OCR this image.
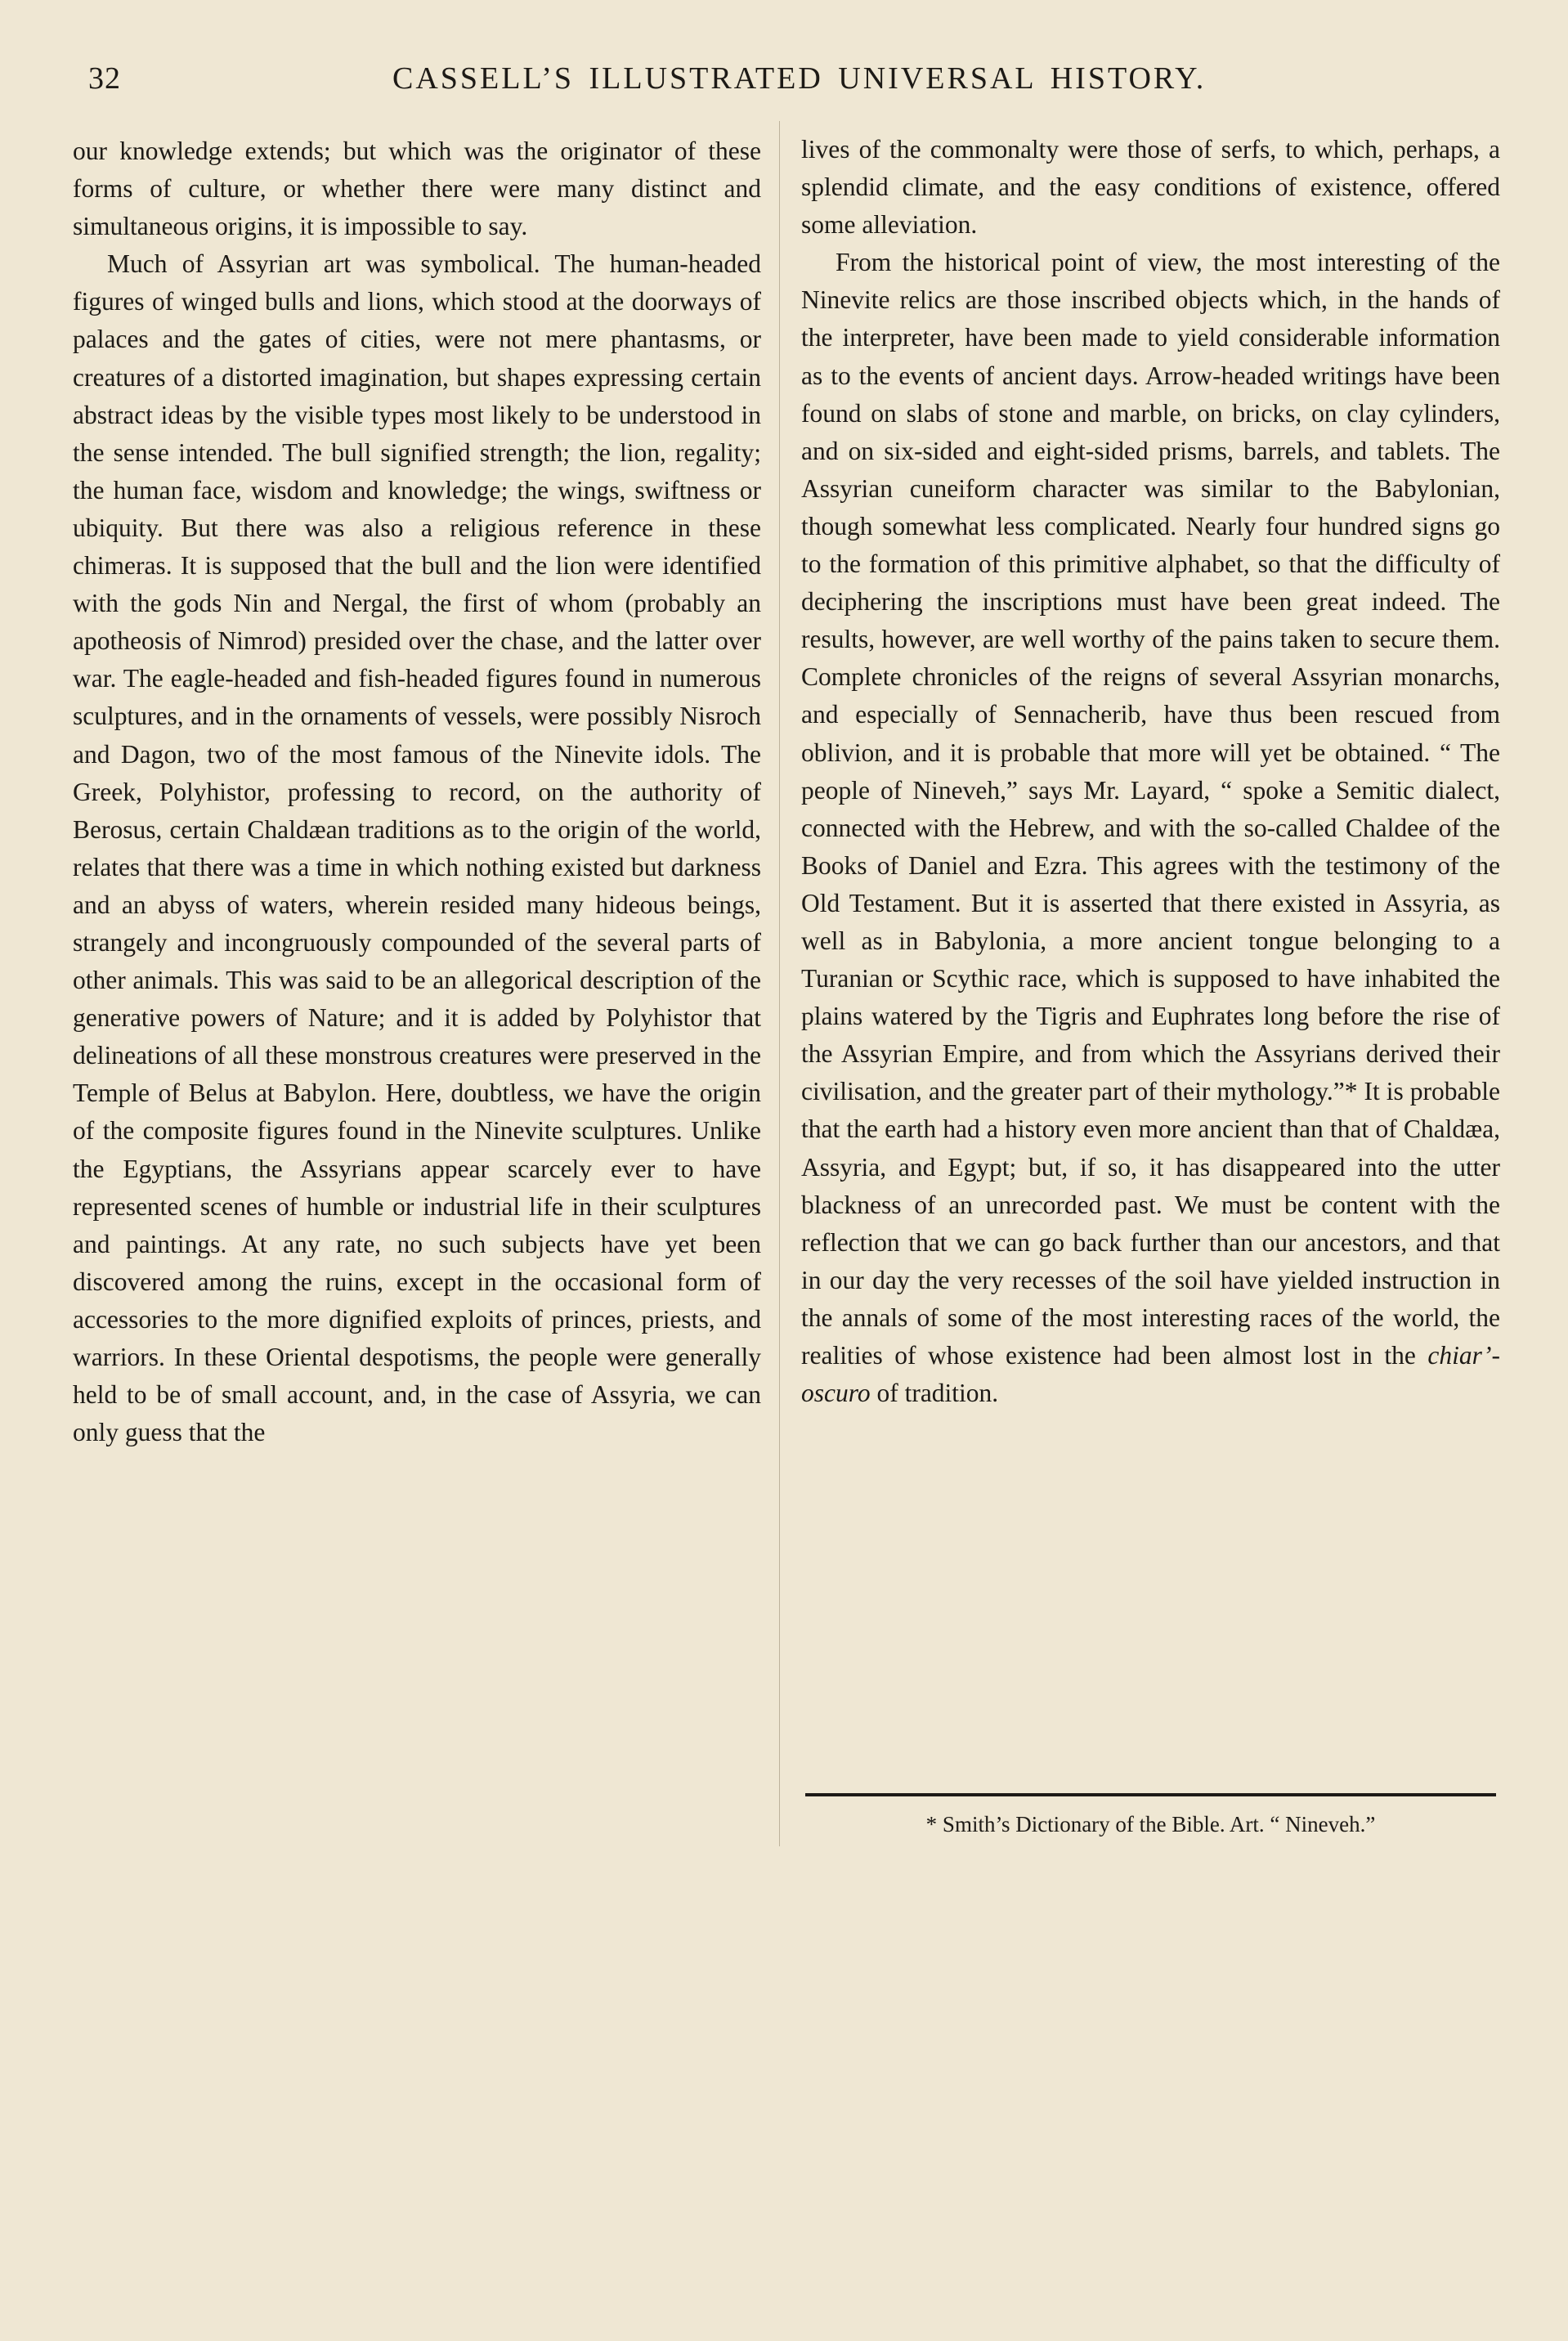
32	CASSELL’S ILLUSTRATED UNIVERSAL HISTORY.

our knowledge extends; but which was the originator of these forms of culture, or whether there were many distinct and simultaneous origins, it is impossible to say.

Much of Assyrian art was symbolical. The human-headed figures of winged bulls and lions, which stood at the doorways of palaces and the gates of cities, were not mere phantasms, or creatures of a distorted imagination, but shapes expressing certain abstract ideas by the visible types most likely to be understood in the sense intended. The bull signified strength; the lion, regality; the human face, wisdom and knowledge; the wings, swiftness or ubiquity. But there was also a religious reference in these chimeras. It is supposed that the bull and the lion were identified with the gods Nin and Nergal, the first of whom (probably an apotheosis of Nimrod) presided over the chase, and the latter over war. The eagle-headed and fish-headed figures found in numerous sculptures, and in the ornaments of vessels, were possibly Nisroch and Dagon, two of the most famous of the Ninevite idols. The Greek, Polyhistor, professing to record, on the authority of Berosus, certain Chaldæan traditions as to the origin of the world, relates that there was a time in which nothing existed but darkness and an abyss of waters, wherein resided many hideous beings, strangely and incongruously compounded of the several parts of other animals. This was said to be an allegorical description of the generative powers of Nature; and it is added by Polyhistor that delineations of all these monstrous creatures were preserved in the Temple of Belus at Babylon. Here, doubtless, we have the origin of the composite figures found in the Ninevite sculptures. Unlike the Egyptians, the Assyrians appear scarcely ever to have represented scenes of humble or industrial life in their sculptures and paintings. At any rate, no such subjects have yet been discovered among the ruins, except in the occasional form of accessories to the more dignified exploits of princes, priests, and warriors. In these Oriental despotisms, the people were generally held to be of small account, and, in the case of Assyria, we can only guess that the

lives of the commonalty were those of serfs, to which, perhaps, a splendid climate, and the easy conditions of existence, offered some alleviation.

From the historical point of view, the most interesting of the Ninevite relics are those inscribed objects which, in the hands of the interpreter, have been made to yield considerable information as to the events of ancient days. Arrow-headed writings have been found on slabs of stone and marble, on bricks, on clay cylinders, and on six-sided and eight-sided prisms, barrels, and tablets. The Assyrian cuneiform character was similar to the Babylonian, though somewhat less complicated. Nearly four hundred signs go to the formation of this primitive alphabet, so that the difficulty of deciphering the inscriptions must have been great indeed. The results, however, are well worthy of the pains taken to secure them. Complete chronicles of the reigns of several Assyrian monarchs, and especially of Sennacherib, have thus been rescued from oblivion, and it is probable that more will yet be obtained. “ The people of Nineveh,” says Mr. Layard, “ spoke a Semitic dialect, connected with the Hebrew, and with the so-called Chaldee of the Books of Daniel and Ezra. This agrees with the testimony of the Old Testament. But it is asserted that there existed in Assyria, as well as in Babylonia, a more ancient tongue belonging to a Turanian or Scythic race, which is supposed to have inhabited the plains watered by the Tigris and Euphrates long before the rise of the Assyrian Empire, and from which the Assyrians derived their civilisation, and the greater part of their mythology.”* It is probable that the earth had a history even more ancient than that of Chaldæa, Assyria, and Egypt; but, if so, it has disappeared into the utter blackness of an unrecorded past. We must be content with the reflection that we can go back further than our ancestors, and that in our day the very recesses of the soil have yielded instruction in the annals of some of the most interesting races of the world, the realities of whose existence had been almost lost in the chiar’-oscuro of tradition.

* Smith’s Dictionary of the Bible. Art. “ Nineveh.”
